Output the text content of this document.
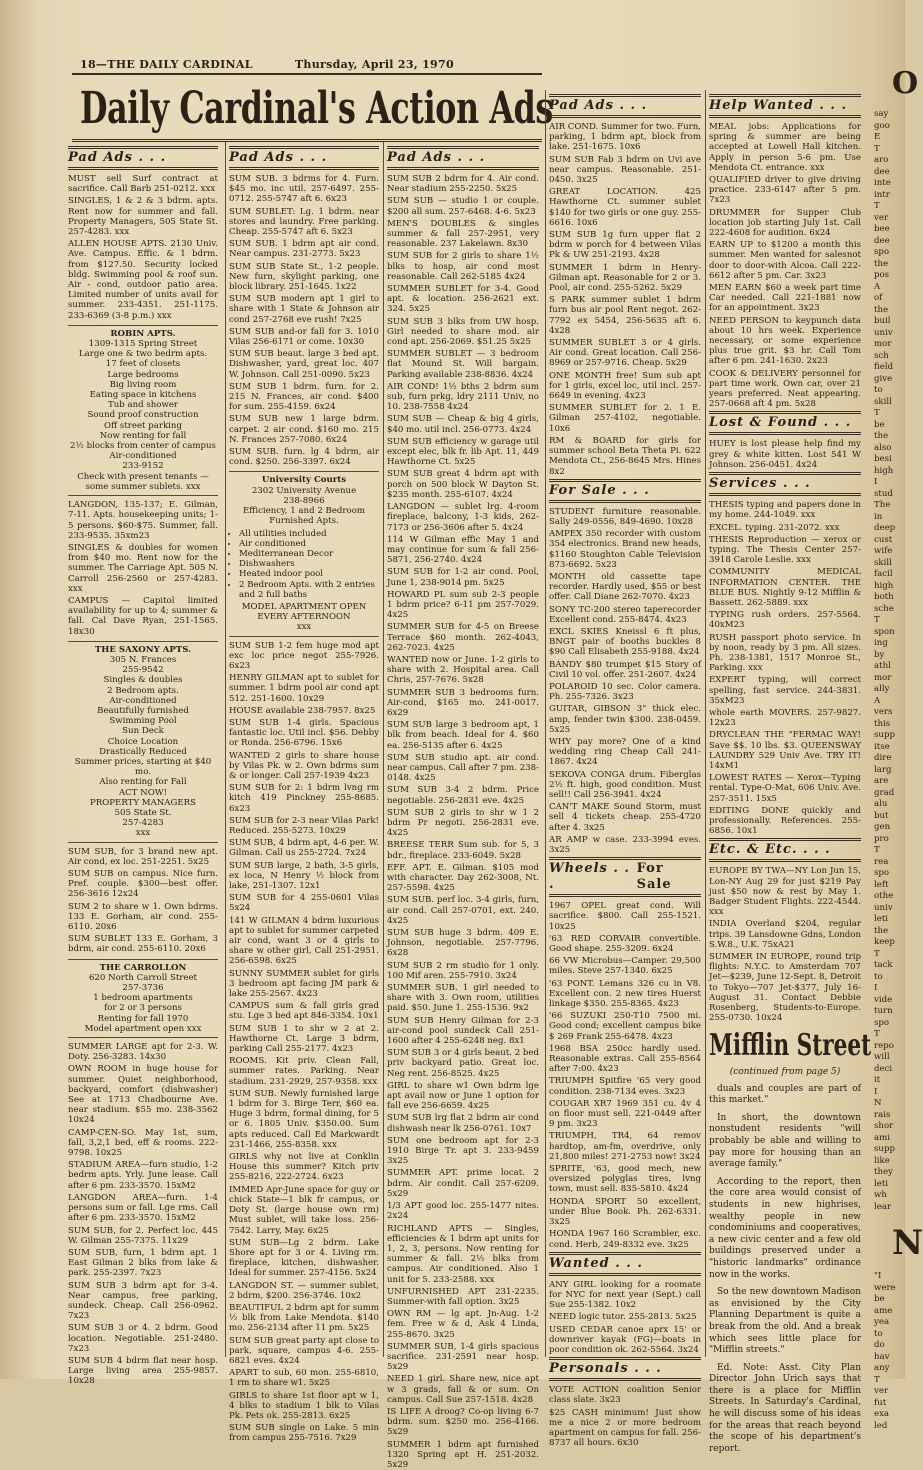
18—THE DAILY CARDINAL	Thursday, April 23, 1970
Daily Cardinal's Action Ads
Pad Ads . . .
MUST sell Surf contract at sacrifice. Call Barb 251-0212. xxx
SINGLES, 1 & 2 & 3 bdrm. apts. Rent now for summer and fall. Property Managers, 505 State St. 257-4283. xxx
ALLEN HOUSE APTS. 2130 Univ. Ave. Campus. Effic. & 1 bdrm. from $127.50. Security locked bldg. Swimming pool & roof sun. Air - cond, outdoor patio area. Limited number of units avail for summer. 233-4351. 251-1175. 233-6369 (3-8 p.m.) xxx
ROBIN APTS.
1309-1315 Spring Street
Large one & two bedrm apts.
17 feet of closets
Large bedrooms
Big living room
Eating space in kitchens
Tub and shower
Sound proof construction
Off street parking
Now renting for fall
2½ blocks from center of campus
Air-conditioned
233-9152
Check with present tenants — some summer sublets. xxx
LANGDON, 135-137; E. Gilman, 7-11. Apts. housekeeping units; 1-5 persons. $60-$75. Summer, fall. 233-9535. 35xm23
SINGLES & doubles for women from $40 mo. Rent now for the summer. The Carriage Apt. 505 N. Carroll 256-2560 or 257-4283. xxx
CAMPUS — Capitol limited availability for up to 4; summer & fall. Cal Dave Ryan, 251-1565. 18x30
THE SAXONY APTS.
305 N. Frances
255-9542
Singles & doubles
2 Bedroom apts.
Air-conditioned
Beautifully furnished
Swimming Pool
Sun Deck
Choice Location
Drastically Reduced
Summer prices, starting at $40 mo.
Also renting for Fall
ACT NOW!
PROPERTY MANAGERS
505 State St.
257-4283
xxx
SUM SUB, for 3 brand new apt. Air cond, ex loc. 251-2251. 5x25
SUM SUB on campus. Nice furn. Pref. couple. $300—best offer. 256-3616 12x24
SUM 2 to share w 1. Own bdrms. 133 E. Gorham, air cond. 255-6110. 20x6
SUM SUBLET 133 E. Gorham, 3 bdrm, air cond. 255-6110. 20x6
THE CARROLLON
620 North Carroll Street
257-3736
1 bedroom apartments
for 2 or 3 persons
Renting for fall 1970
Model apartment open xxx
SUMMER LARGE apt for 2-3. W. Doty. 256-3283. 14x30
OWN ROOM in huge house for summer. Quiet neighborhood, backyard, comfort (dishwasher) See at 1713 Chadbourne Ave. near stadium. $55 mo. 238-3562 10x24
CAMP-CEN-SO. May 1st, sum, fall, 3,2,1 bed, eff & rooms. 222-9798. 10x25
STADIUM AREA—furn studio, 1-2 bedrm apts. Yrly. June lease. Call after 6 pm. 233-3570. 15xM2
LANGDON AREA—furn. 1-4 persons sum or fall. Lge rms. Call after 6 pm. 233-3570. 15xM2
SUM SUB, for 2. Perfect loc. 445 W. Gilman 255-7375. 11x29
SUM SUB, furn, 1 bdrm apt. 1 East Gilman 2 blks from lake & park. 255-2397. 7x23
SUM SUB 3 bdrm apt for 3-4. Near campus, free parking, sundeck. Cheap. Call 256-0962. 7x23
SUM SUB 3 or 4. 2 bdrm. Good location. Negotiable. 251-2480. 7x23
SUM SUB 4 bdrm flat near hosp. Large living area 255-9857. 10x28
Pad Ads . . .
SUM SUB. 3 bdrms for 4. Furn. $45 mo. inc util. 257-6497. 255-0712. 255-5747 aft 6. 6x23
SUM SUBLET: Lg. 1 bdrm. near stores and laundry. Free parking. Cheap. 255-5747 aft 6. 5x23
SUM SUB. 1 bdrm apt air cond. Near campus. 231-2773. 5x23
SUM SUB State St., 1-2 people. New furn, skylight parking, one block library. 251-1645. 1x22
SUM SUB modern apt 1 girl to share with 1 State & Johnson air cond 257-2768 eve rush! 7x25
SUM SUB and-or fall for 3. 1010 Vilas 256-6171 or come. 10x30
SUM SUB beaut. large 3 bed apt. Dishwasher, yard, great loc. 407 W. Johnson. Call 251-0090. 5x23
SUM SUB 1 bdrm. furn. for 2. 215 N. Frances, air cond. $400 for sum. 255-4159. 6x24
SUM SUB new 1 large bdrm. carpet. 2 air cond. $160 mo. 215 N. Frances 257-7080. 6x24
SUM SUB. furn. lg 4 bdrm, air cond. $250. 256-3397. 6x24
University Courts
2302 University Avenue
238-8966
Efficiency, 1 and 2 Bedroom
Furnished Apts.
• All utilities included
• Air conditioned
• Mediterranean Decor
• Dishwashers
• Heated indoor pool
• 2 Bedroom Apts. with 2 entries and 2 full baths
MODEL APARTMENT OPEN
EVERY AFTERNOON
xxx
SUM SUB 1-2 fem huge mod apt exc loc price negot 255-7926. 6x23
HENRY GILMAN apt to sublet for summer. 1 bdrm pool air cond apt 512. 251-1600. 10x29
HOUSE available 238-7957. 8x25
SUM SUB 1-4 girls. Spacious fantastic loc. Util incl. $56. Debby or Ronda. 256-6796. 15x6
WANTED 2 girls to share house by Vilas Pk. w 2. Own bdrms sum & or longer. Call 257-1939 4x23
SUM SUB for 2: 1 bdrm lvng rm kitch 419 Pinckney 255-8685. 6x23
SUM SUB for 2-3 near Vilas Park! Reduced. 255-5273. 10x29
SUM SUB, 4 bdrm apt, 4-6 per. W. Gilman. Call us 255-2724. 7x24
SUM SUB large, 2 bath, 3-5 girls, ex loca, N Henry ½ block from lake, 251-1307. 12x1
SUM SUB for 4 255-0601 Vilas 5x24
141 W GILMAN 4 bdrm luxurious apt to sublet for summer carpeted air cond, want 3 or 4 girls to share w other girl, Call 251-2951. 256-6598. 6x25
SUNNY SUMMER sublet for girls 3 bedroom apt facing JM park & lake 255-2567. 4x23
CAMPUS sum & fall girls grad stu. Lge 3 bed apt 846-3354. 10x1
SUM SUB 1 to shr w 2 at 2. Hawthorne Ct. Large 3 bdrm, parking Call 255-2177. 4x23
ROOMS. Kit priv. Clean Fall, summer rates. Parking. Near stadium. 231-2929, 257-9358. xxx
SUM SUB. Newly furnished large 1 bdrm for 3. Birge Terr, $60 ea. Huge 3 bdrm, formal dining, for 5 or 6. 1805 Univ. $350.00. Sum apts reduced. Call Ed Markwardt 231-1466, 255-8358. xxx
GIRLS why not live at Conklin House this summer? Kitch priv 255-8216, 222-2724. 6x23
IMMED Apr-June space for guy or chick State—1 blk fr campus, or Doty St. (large house own rm) Must sublet, will take loss. 256-7542. Larry, May. 6x25
SUM SUB—Lg 2 bdrm. Lake Shore apt for 3 or 4. Living rm. fireplace, kitchen, dishwasher. Ideal for summer. 257-4156. 5x24
LANGDON ST. — summer sublet, 2 bdrm, $200. 256-3746. 10x2
BEAUTIFUL 2 bdrm apt for summ ½ blk from Lake Mendota. $140 mo. 256-2134 after 11 pm. 5x25
SUM SUB great party apt close to park, square, campus 4-6. 255-6821 eves. 4x24
APART to sub, 60 mon. 255-6810, 1 rm to share w1. 5x25
GIRLS to share 1st floor apt w 1, 4 blks to stadium 1 blk to Vilas Pk. Pets ok. 255-2813. 6x25
SUM SUB single on Lake. 5 min from campus 255-7516. 7x29
Pad Ads . . .
SUM SUB 2 bdrm for 4. Air cond. Near stadium 255-2250. 5x25
SUM SUB — studio 1 or couple. $200 all sum. 257-6468. 4-6. 5x23
MEN'S DOUBLES & singles summer & fall 257-2951, very reasonable. 237 Lakelawn. 8x30
SUM SUB for 2 girls to share 1½ blks to hosp, air cond most reasonable. Call 262-5185 4x24
SUMMER SUBLET for 3-4. Good apt. & location. 256-2621 ext. 324. 5x25
SUM SUB 3 blks from UW hosp. Girl needed to share mod. air cond apt. 256-2069. $51.25 5x25
SUMMER SUBLET — 3 bedroom flat Mound St. Will bargain. Parking available 238-8836. 4x24
AIR COND! 1½ bths 2 bdrm sum sub, furn prkg, ldry 2111 Univ, no 10. 238-7558 4x24
SUM SUB — Cheap & big 4 girls, $40 mo. util incl. 256-0773. 4x24
SUM SUB efficiency w garage util except elec, blk fr. lib Apt. 11, 449 Hawthorne Ct. 5x25
SUM SUB great 4 bdrm apt with porch on 500 block W Dayton St. $235 month. 255-6107. 4x24
LANGDON — sublet lrg. 4-room fireplace, balcony, 1-3 kids, 262-7173 or 256-3606 after 5. 4x24
114 W Gilman effic May 1 and may continue for sum & fall 256-5871, 256-2740. 4x24
SUM SUB for 1-2 air cond. Pool, June 1, 238-9014 pm. 5x25
HOWARD PL sum sub 2-3 people 1 bdrm price? 6-11 pm 257-7029. 4x25
SUMMER SUB for 4-5 on Breese Terrace $60 month. 262-4043, 262-7023. 4x25
WANTED now or June. 1-2 girls to share with 2. Hospital area. Call Chris, 257-7676. 5x28
SUMMER SUB 3 bedrooms furn. Air-cond, $165 mo. 241-0017. 6x29
SUM SUB large 3 bedroom apt, 1 blk from beach. Ideal for 4. $60 ea. 256-5135 after 6. 4x25
SUM SUB studio apt. air cond. near campus. Call after 7 pm. 238-0148. 4x25
SUM SUB 3-4 2 bdrm. Price negotiable. 256-2831 eve. 4x25
SUM SUB 2 girls to shr w 1 2 bdrm Pr negoti. 256-2831 eve. 4x25
BREESE TERR Sum sub. for 5, 3 bdr., fireplace. 233-6049. 5x28
EFF. APT. E. Gilman. $105 mod with character. Day 262-3008, Nt. 257-5598. 4x25
SUM SUB. perf loc. 3-4 girls, furn, air cond. Call 257-0701, ext. 240. 4x25
SUM SUB huge 3 bdrm. 409 E. Johnson, negotiable. 257-7796. 6x28
SUM SUB 2 rm studio for 1 only. 100 Mif aren. 255-7910. 3x24
SUMMER SUB. 1 girl needed to share with 3. Own room, utilities paid. $50. June 1. 255-1536. 9x2
SUM SUB Henry Gilman for 2-3 air-cond pool sundeck Call 251-1600 after 4 255-6248 neg. 8x1
SUM SUB 3 or 4 girls beaut. 2 bed priv backyard patio. Great loc. Neg rent. 256-8525. 4x25
GIRL to share w1 Own bdrm lge apt avail now or June 1 option for fall eve 256-6659. 4x25
SUM SUB lrg flat 2 bdrm air cond dishwash near lk 256-0761. 10x7
SUM one bedroom apt for 2-3 1910 Birge Tr. apt 3. 233-9459 3x25
SUMMER APT. prime locat. 2 bdrm. Air condit. Call 257-6209. 5x29
1/3 APT good loc. 255-1477 nites. 2x24
RICHLAND APTS — Singles, efficiencies & 1 bdrm apt units for 1, 2, 3, persons. Now renting for summer & fall. 2½ blks from campus. Air conditioned. Also 1 unit for 5. 233-2588. xxx
UNFURNISHED APT 231-2235. Summer-with fall option. 3x25
OWN RM — lg apt. Jn-Aug. 1-2 fem. Free w & d, Ask 4 Linda, 255-8670. 3x25
SUMMER SUB, 1-4 girls spacious sacrifice. 231-2591 near hosp. 5x29
NEED 1 girl. Share new, nice apt w 3 grads, fall & or sum. On campus. Call Sue 257-1518. 4x28
IS LIFE A droog? Co-op living 6-7 bdrm. sum. $250 mo. 256-4166. 5x29
SUMMER 1 bdrm apt furnished 1320 Spring apt H. 251-2032. 5x29
Pad Ads . . .
AIR COND. Summer for two. Furn, parking, 1 bdrm apt, block from lake. 251-1675. 10x6
SUM SUB Fab 3 bdrm on Uvi ave near campus. Reasonable. 251-0450. 3x25
GREAT LOCATION. 425 Hawthorne Ct. summer sublet $140 for two girls or one guy. 255-6616. 10x6
SUM SUB 1g furn upper flat 2 bdrm w porch for 4 between Vilas Pk & UW 251-2193. 4x28
SUMMER 1 bdrm in Henry-Gilman apt. Reasonable for 2 or 3. Pool, air cond. 255-5262. 5x29
S PARK summer sublet 1 bdrm furn bus air pool Rent negot. 262-7792 ex 5454, 256-5635 aft 6. 4x28
SUMMER SUBLET 3 or 4 girls. Air cond. Great location. Call 256-8969 or 257-9716. Cheap. 5x29
ONE MONTH free! Sum sub apt for 1 girls, excel loc, util incl. 257-6649 in evening. 4x23
SUMMER SUBLET for 2. 1 E. Gilman 257-4102, negotiable. 10x6
RM & BOARD for girls for summer school Beta Theta Pi. 622 Mendota Ct., 256-8645 Mrs. Hines 8x2
For Sale . . .
STUDENT furniture reasonable. Sally 249-0556, 849-4690. 10x28
AMPEX 350 recorder with custom 354 electronics. Brand new heads, $1160 Stoughton Cable Television 873-6692. 5x23
MONTH old cassette tape recorder. Hardly used, $55 or best offer. Call Diane 262-7070. 4x23
SONY TC-200 stereo taperecorder Excellent cond. 255-8474. 4x23
EXCL SKIES Kneissl 6 ft plus, BNGT pair of booths buckles 8 $90 Call Elisabeth 255-9188. 4x24
BANDY $80 trumpet $15 Story of Civil 10 vol. offer. 251-2607. 4x24
POLAROID 10 sec. Color camera. Ph. 255-7326. 3x23
GUITAR, GIBSON 3" thick elec. amp, fender twin $300. 238-0459. 5x25
WHY pay more? One of a kind wedding ring Cheap Call 241-1867. 4x24
SEKOVA CONGA drum. Fiberglas 2½ ft. high, good condition. Must sell!! Call 256-3941. 4x24
CAN'T MAKE Sound Storm, must sell 4 tickets cheap. 255-4720 after 4. 3x25
AR AMP w case. 233-3994 eves. 3x25
Wheels . . .
For Sale
1967 OPEL great cond. Will sacrifice. $800. Call 255-1521. 10x25
'63 RED CORVAIR convertible. Good shape. 255-3209. 6x24
66 VW Microbus—Camper. 29,500 miles. Steve 257-1340. 6x25
'63 PONT. Lemans 326 cu in V8. Excellent con. 2 new tires Huerst linkage $350. 255-8365. 4x23
'66 SUZUKI 250-T10 7500 mi. Good cond; excellent campus bike $ 269 Frank 255-6478. 4x23
1968 BSA 250cc hardly used. Reasonable extras. Call 255-8564 after 7:00. 4x23
TRIUMPH Spitfire '65 very good condition. 238-7134 eves. 3x23
COUGAR XR7 1969 351 cu. 4v 4 on floor must sell. 221-0449 after 9 pm. 3x23
TRIUMPH, TR4, 64 remov hardtop, am-fm, overdrive, only 21,800 miles! 271-2753 now! 3x24
SPRITE, '63, good mech, new oversized polyglas tires, lvng town, must sell. 835-5810. 4x24
HONDA SPORT 50 excellent, under Blue Book. Ph. 262-6331. 3x25
HONDA 1967 160 Scrambler, exc. cond. Herb, 249-8332 eve. 3x25
Wanted . . .
ANY GIRL looking for a roomate for NYC for next year (Sept.) call Sue 255-1382. 10x2
NEED logic tutor. 255-2813. 5x25
USED CEDAR canoe aprx 15' or downriver kayak (FG)—boats in poor condition ok. 262-5564. 3x24
Personals . . .
VOTE ACTION coalition Senior class slate. 3x23
$25 CASH minimum! Just show me a nice 2 or more bedroom apartment on campus for fall. 256-8737 all hours. 6x30
Help Wanted . . .
MEAL jobs: Applications for spring & summer are being accepted at Lowell Hall kitchen. Apply in person 5-6 pm. Use Mendota Ct. entrance. xxx
QUALIFIED driver to give driving practice. 233-6147 after 5 pm. 7x23
DRUMMER for Supper Club location job starting July 1st. Call 222-4608 for audition. 6x24
EARN UP to $1200 a month this summer. Men wanted for salesnot door to door-with Alcoa. Call 222-6612 after 5 pm. Car. 3x23
MEN EARN $60 a week part time Car needed. Call 221-1881 now for an appointment. 3x23
NEED PERSON to keypunch data about 10 hrs week. Experience necessary, or some experience plus true grit. $3 hr. Call Tom after 6 pm. 241-1630. 2x23
COOK & DELIVERY personnel for part time work. Own car, over 21 years preferred. Neat appearing. 257-0668 aft 4 pm. 5x28
Lost & Found . . .
HUEY is lost please help find my grey & white kitten. Lost 541 W Johnson. 256-0451. 4x24
Services . . .
THESIS typing and papers done in my home. 244-1049. xxx
EXCEL. typing. 231-2072. xxx
THESIS Reproduction — xerox or typing. The Thesis Center 257-3918 Carole Leslie. xxx
COMMUNITY MEDICAL INFORMATION CENTER. THE BLUE BUS. Nightly 9-12 Mifflin & Bassett. 262-5889. xxx
TYPING rush orders. 257-5564. 40xM23
RUSH passport photo service. In by noon, ready by 3 pm. All sizes. Ph. 238-1381, 1517 Monroe St., Parking. xxx
EXPERT typing, will correct spelling, fast service. 244-3831. 35xM23
whole earth MOVERS. 257-9827. 12x23
DRYCLEAN THE "FERMAC WAY! Save $$. 10 lbs. $3. QUEENSWAY LAUNDRY 529 Univ Ave. TRY IT! 14xM1
LOWEST RATES — Xerox—Typing rental. Type-O-Mat, 606 Univ. Ave. 257-3511. 15x5
EDITING DONE quickly and professionally. References. 255-6856. 10x1
Etc. & Etc. . . .
EUROPE BY TWA—NY Lon Jun 15, Lon-NY Aug 29 for just $219 Pay just $50 now & rest by May 1. Badger Student Flights. 222-4544. xxx
INDIA Overland $204, regular trips. 39 Lansdowne Gdns, London S.W.8., U.K. 75xA21
SUMMER IN EUROPE, round trip flights: N.Y.C. to Amsterdam 707 Jet—$239, June 12-Sept. 8, Detroit to Tokyo—707 Jet-$377, July 16-August 31. Contact Debbie Rosenberg, Students-to-Europe. 255-0730. 10x24
Mifflin Street
(continued from page 5)

duals and couples are part of this market."

In short, the downtown nonstudent residents "will probably be able and willing to pay more for housing than an average family."

According to the report, then the core area would consist of students in new highrises, wealthy people in new condominiums and cooperatives, a new civic center and a few old buildings preserved under a "historic landmarks" ordinance now in the works.

So the new downtown Madison as envisioned by the City Planning Department is quite a break from the old. And a break which sees little place for "Mifflin streets."

Ed. Note: Asst. City Plan Director John Urich says that there is a place for Mifflin Streets. In Saturday's Cardinal, he will discuss some of his ideas for the areas that reach beyond the scope of his department's report.

O
say
goo
E
T
aro
dee
inte
intr
T
ver
bee
dee
spo
the
pos
A
of
the
buil
univ
mor
sch
field
give
to
skill
T
be
the
also
besi
high
I
stud
The
in
deep
cust
wife
skill
facil
high
both
sche
T
spon
ing
by
athl
mor
ally
A
vers
this
supp
itse
dire
larg
are
grad
alu
but
gen
pro
T
rea
spo
left
othe
univ
leti
the
keep
T
tack
to
I
vide
turn
spo
T
repo
will
deci
it
I
N
rais
shor
ami
supp
like
they
leti
wh
lear
N
"I
were
be
ame
yea
to
do
hav
any
T
ver
fut
exa
led
